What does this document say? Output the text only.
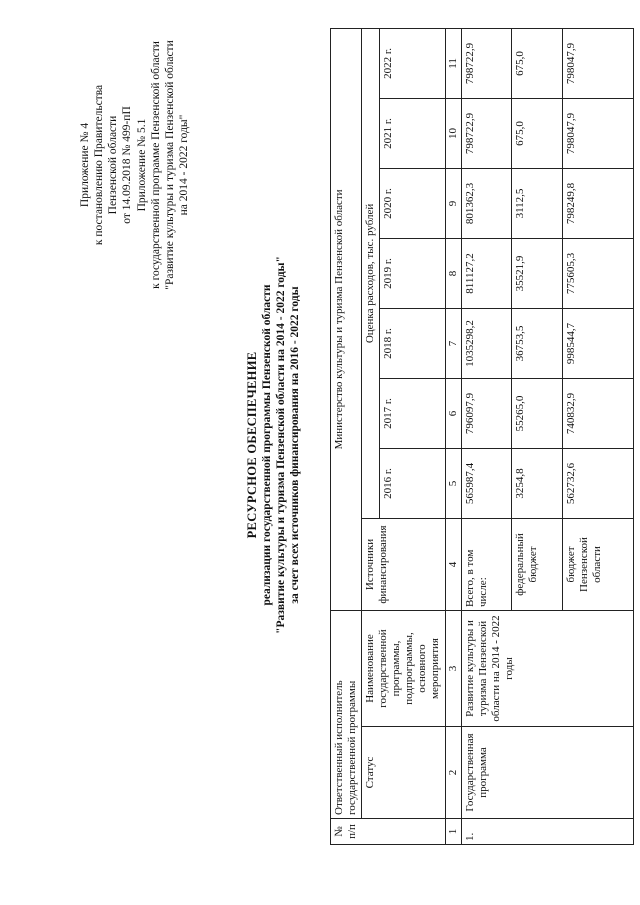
Приложение № 4 к постановлению Правительства Пензенской области от 14.09.2018 № 499-пП Приложение № 5.1 к государственной программе Пензенской области "Развитие культуры и туризма Пензенской области на 2014 - 2022 годы"
РЕСУРСНОЕ ОБЕСПЕЧЕНИЕ реализации государственной программы Пензенской области "Развитие культуры и туризма Пензенской области на 2014 - 2022 годы" за счет всех источников финансирования на 2016 - 2022 годы
№ п/п	Ответственный исполнитель государственной программы		Министерство культуры и туризма Пензенской области							
	Статус	Наименование государственной программы, подпрограммы, основного мероприятия	Источники финансирования	Оценка расходов, тыс. рублей						
				2016 г.	2017 г.	2018 г.	2019 г.	2020 г.	2021 г.	2022 г.
1	2	3	4	5	6	7	8	9	10	11
1.	Государственная программа	Развитие культуры и туризма Пензенской области на 2014 - 2022 годы	Всего, в том числе:	565987,4	796097,9	1035298,2	811127,2	801362,3	798722,9	798722,9
			федеральный бюджет	3254,8	55265,0	36753,5	35521,9	3112,5	675,0	675,0
			бюджет Пензенской области	562732,6	740832,9	998544,7	775605,3	798249,8	798047,9	798047,9
